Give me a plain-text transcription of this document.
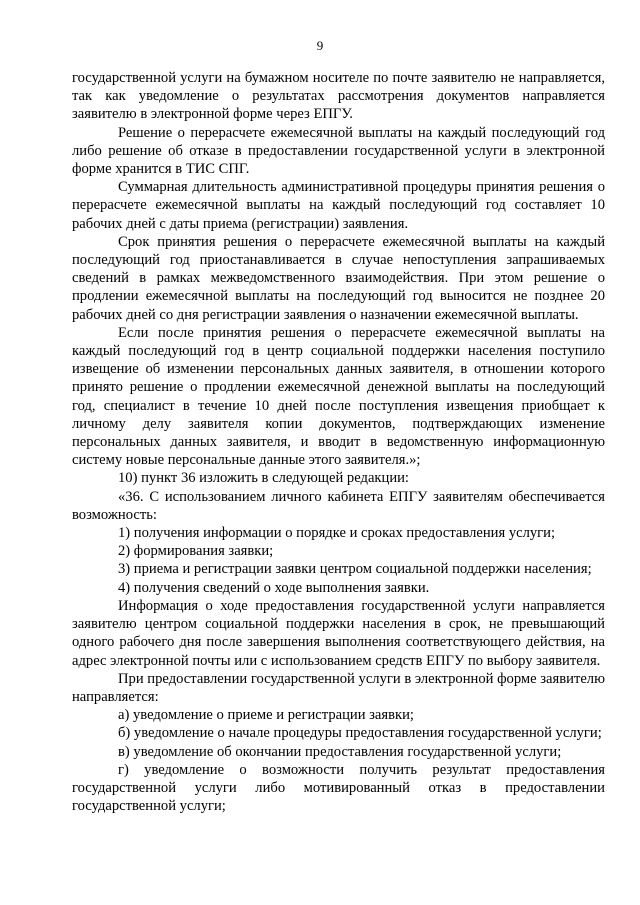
9

государственной услуги на бумажном носителе по почте заявителю не направляется, так как уведомление о результатах рассмотрения документов направляется заявителю в электронной форме через ЕПГУ.

Решение о перерасчете ежемесячной выплаты на каждый последующий год либо решение об отказе в предоставлении государственной услуги в электронной форме хранится в ТИС СПГ.

Суммарная длительность административной процедуры принятия решения о перерасчете ежемесячной выплаты на каждый последующий год составляет 10 рабочих дней с даты приема (регистрации) заявления.

Срок принятия решения о перерасчете ежемесячной выплаты на каждый последующий год приостанавливается в случае непоступления запрашиваемых сведений в рамках межведомственного взаимодействия. При этом решение о продлении ежемесячной выплаты на последующий год выносится не позднее 20 рабочих дней со дня регистрации заявления о назначении ежемесячной выплаты.

Если после принятия решения о перерасчете ежемесячной выплаты на каждый последующий год в центр социальной поддержки населения поступило извещение об изменении персональных данных заявителя, в отношении которого принято решение о продлении ежемесячной денежной выплаты на последующий год, специалист в течение 10 дней после поступления извещения приобщает к личному делу заявителя копии документов, подтверждающих изменение персональных данных заявителя, и вводит в ведомственную информационную систему новые персональные данные этого заявителя.»;

10) пункт 36 изложить в следующей редакции:

«36. С использованием личного кабинета ЕПГУ заявителям обеспечивается возможность:

1) получения информации о порядке и сроках предоставления услуги;

2) формирования заявки;

3) приема и регистрации заявки центром социальной поддержки населения;

4) получения сведений о ходе выполнения заявки.

Информация о ходе предоставления государственной услуги направляется заявителю центром социальной поддержки населения в срок, не превышающий одного рабочего дня после завершения выполнения соответствующего действия, на адрес электронной почты или с использованием средств ЕПГУ по выбору заявителя.

При предоставлении государственной услуги в электронной форме заявителю направляется:

а) уведомление о приеме и регистрации заявки;

б) уведомление о начале процедуры предоставления государственной услуги;

в) уведомление об окончании предоставления государственной услуги;

г) уведомление о возможности получить результат предоставления государственной услуги либо мотивированный отказ в предоставлении государственной услуги;
